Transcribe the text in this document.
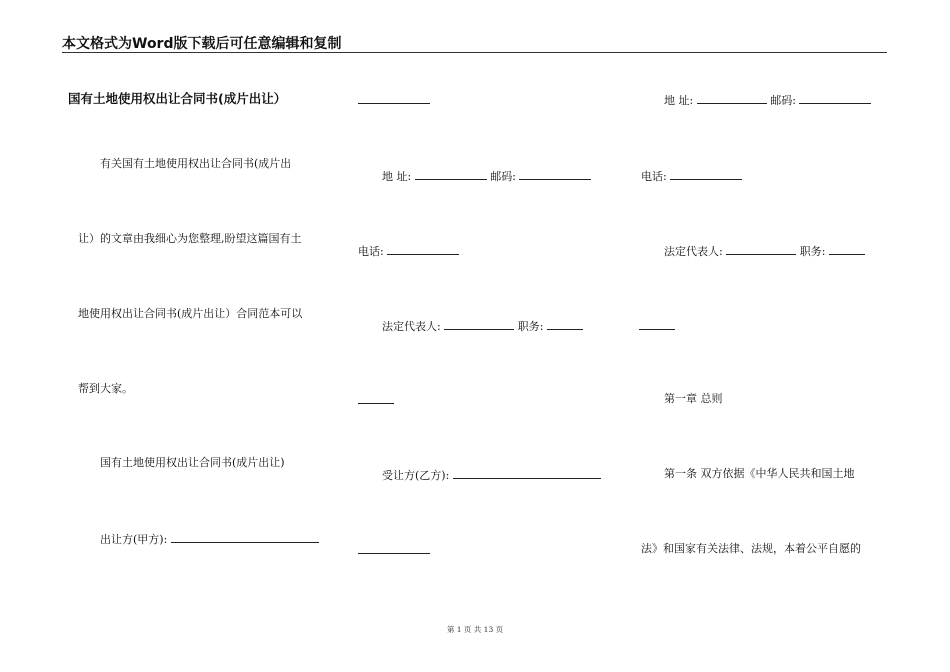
本文格式为Word版下载后可任意编辑和复制
国有土地使用权出让合同书(成片出让）
有关国有土地使用权出让合同书(成片出
让）的文章由我细心为您整理,盼望这篇国有土
地使用权出让合同书(成片出让）合同范本可以
帮到大家。
国有土地使用权出让合同书(成片出让)
出让方(甲方):
地 址:	邮码:
电话:
法定代表人:	职务:
受让方(乙方):
地 址:	邮码:
电话:
法定代表人:	职务:
第一章 总则
第一条 双方依据《中华人民共和国土地
法》和国家有关法律、法规，本着公平自愿的
第 1 页 共 13 页
